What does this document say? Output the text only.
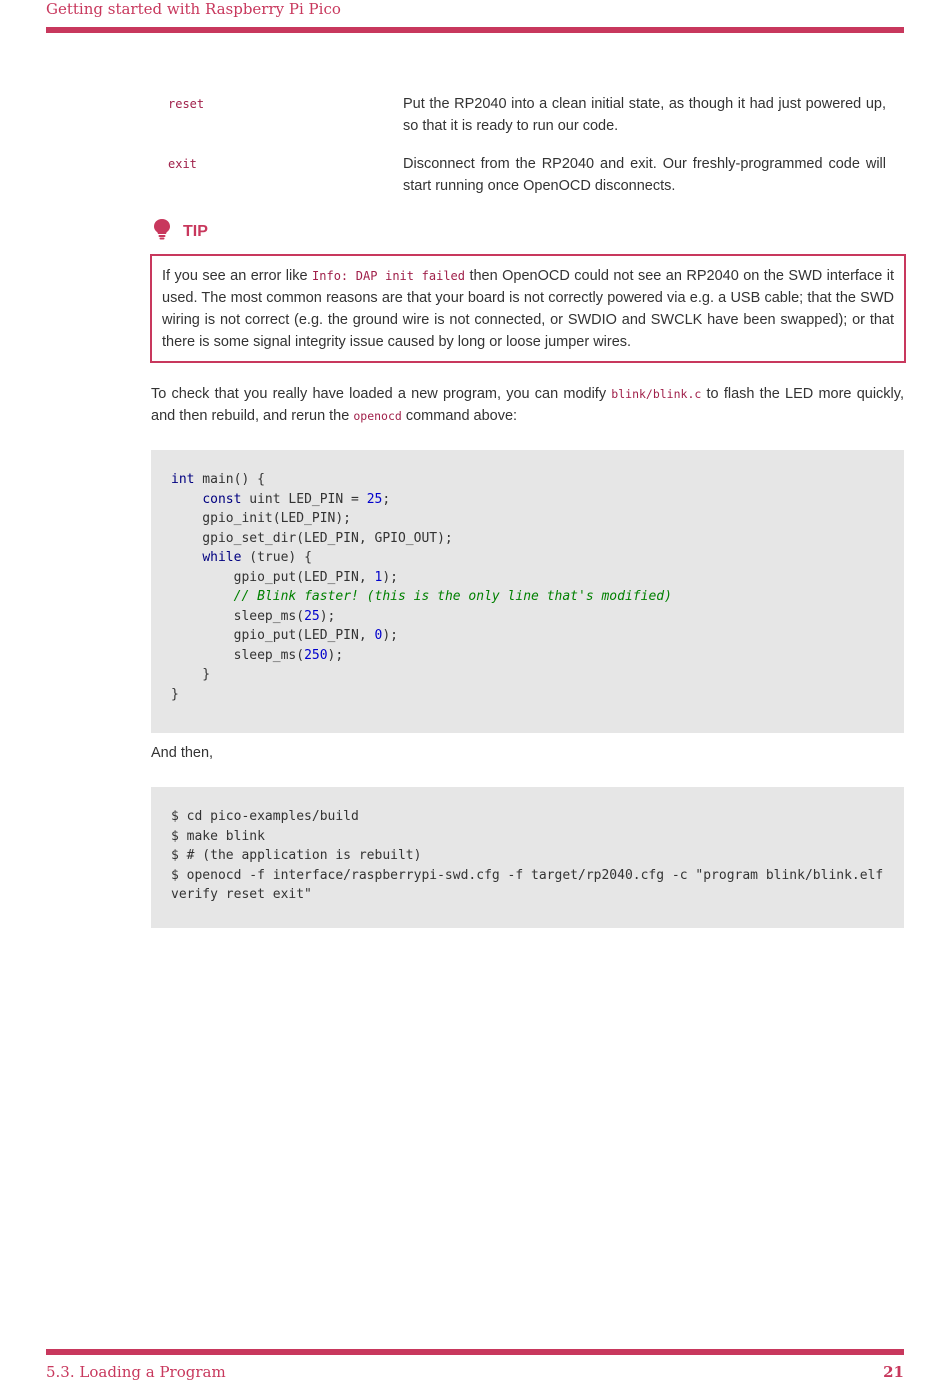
Getting started with Raspberry Pi Pico
reset	Put the RP2040 into a clean initial state, as though it had just powered up, so that it is ready to run our code.
exit	Disconnect from the RP2040 and exit. Our freshly-programmed code will start running once OpenOCD disconnects.
TIP
If you see an error like Info: DAP init failed then OpenOCD could not see an RP2040 on the SWD interface it used. The most common reasons are that your board is not correctly powered via e.g. a USB cable; that the SWD wiring is not correct (e.g. the ground wire is not connected, or SWDIO and SWCLK have been swapped); or that there is some signal integrity issue caused by long or loose jumper wires.
To check that you really have loaded a new program, you can modify blink/blink.c to flash the LED more quickly, and then rebuild, and rerun the openocd command above:
int main() {
const uint LED_PIN = 25;
gpio_init(LED_PIN);
gpio_set_dir(LED_PIN, GPIO_OUT);
while (true) {
gpio_put(LED_PIN, 1);
// Blink faster! (this is the only line that's modified)
sleep_ms(25);
gpio_put(LED_PIN, 0);
sleep_ms(250);
}
}
And then,
$ cd pico-examples/build
$ make blink
$ # (the application is rebuilt)
$ openocd -f interface/raspberrypi-swd.cfg -f target/rp2040.cfg -c "program blink/blink.elf
verify reset exit"
5.3. Loading a Program	21
